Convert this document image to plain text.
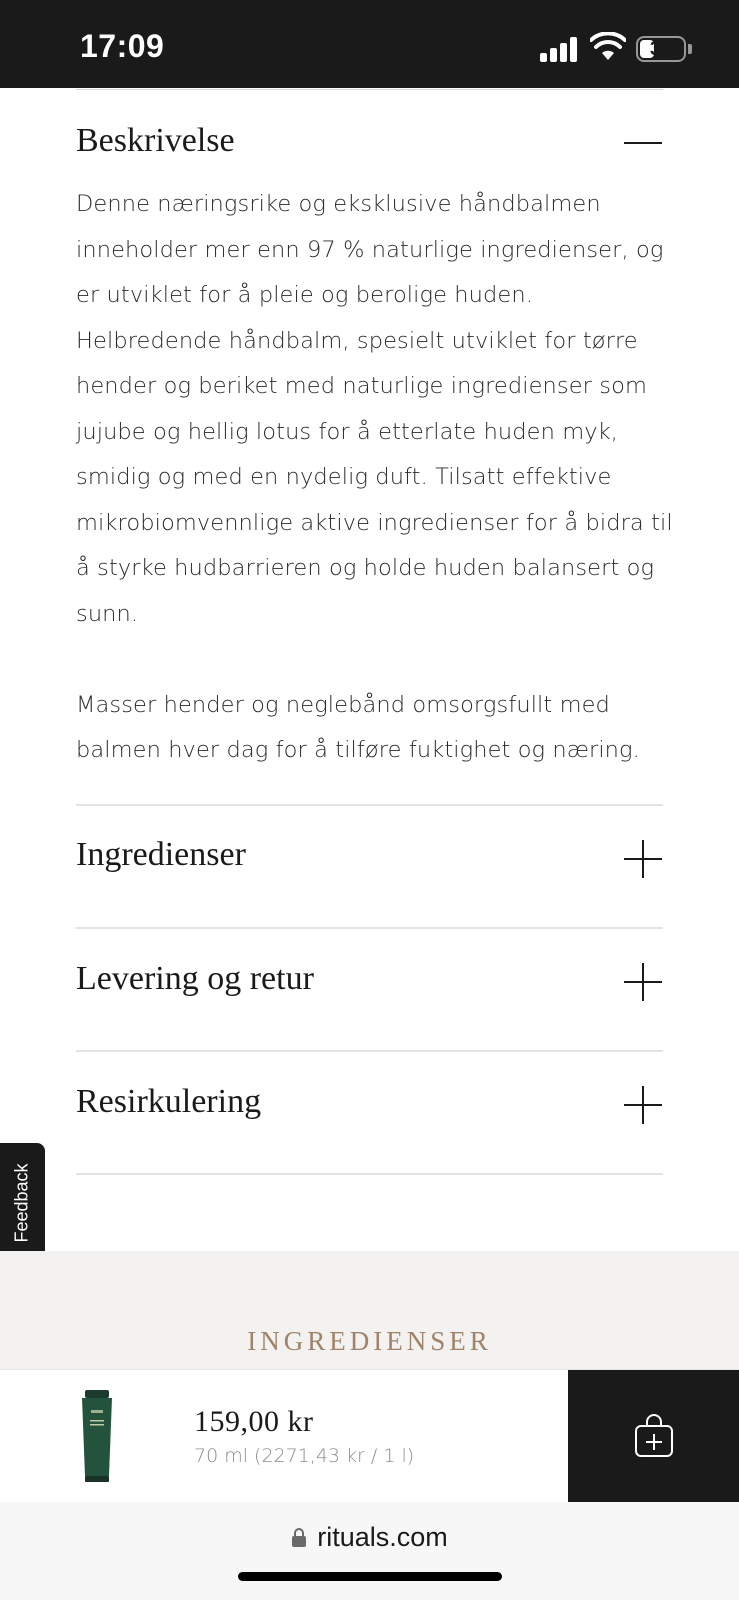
17:09	31
Beskrivelse

Denne næringsrike og eksklusive håndbalmen inneholder mer enn 97 % naturlige ingredienser, og er utviklet for å pleie og berolige huden. Helbredende håndbalm, spesielt utviklet for tørre hender og beriket med naturlige ingredienser som jujube og hellig lotus for å etterlate huden myk, smidig og med en nydelig duft. Tilsatt effektive mikrobiomvennlige aktive ingredienser for å bidra til å styrke hudbarrieren og holde huden balansert og sunn.

Masser hender og neglebånd omsorgsfullt med balmen hver dag for å tilføre fuktighet og næring.

Ingredienser
Levering og retur
Resirkulering
Feedback
INGREDIENSER
159,00 kr
70 ml (2271,43 kr / 1 l)
rituals.com
